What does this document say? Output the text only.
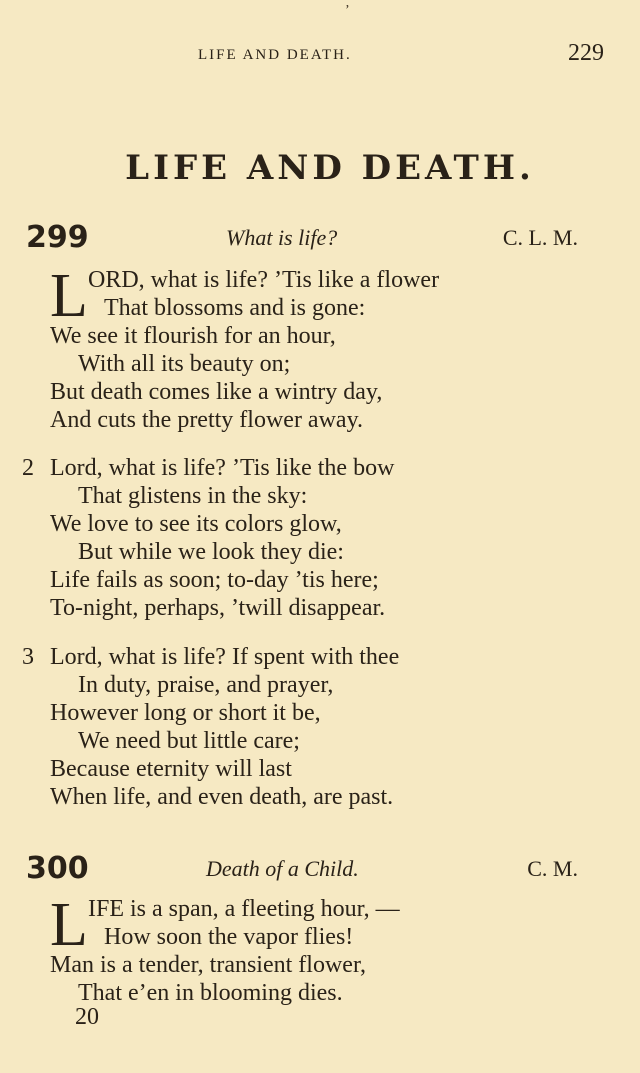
’
LIFE AND DEATH.	229
LIFE AND DEATH.
299	What is life?	C. L. M.
L ORD, what is life? ’Tis like a flower
That blossoms and is gone:
We see it flourish for an hour,
With all its beauty on;
But death comes like a wintry day,
And cuts the pretty flower away.
2 Lord, what is life? ’Tis like the bow
That glistens in the sky:
We love to see its colors glow,
But while we look they die:
Life fails as soon; to-day ’tis here;
To-night, perhaps, ’twill disappear.
3 Lord, what is life? If spent with thee
In duty, praise, and prayer,
However long or short it be,
We need but little care;
Because eternity will last
When life, and even death, are past.
300	Death of a Child.	C. M.
L IFE is a span, a fleeting hour, —
How soon the vapor flies!
Man is a tender, transient flower,
That e’en in blooming dies.
20
